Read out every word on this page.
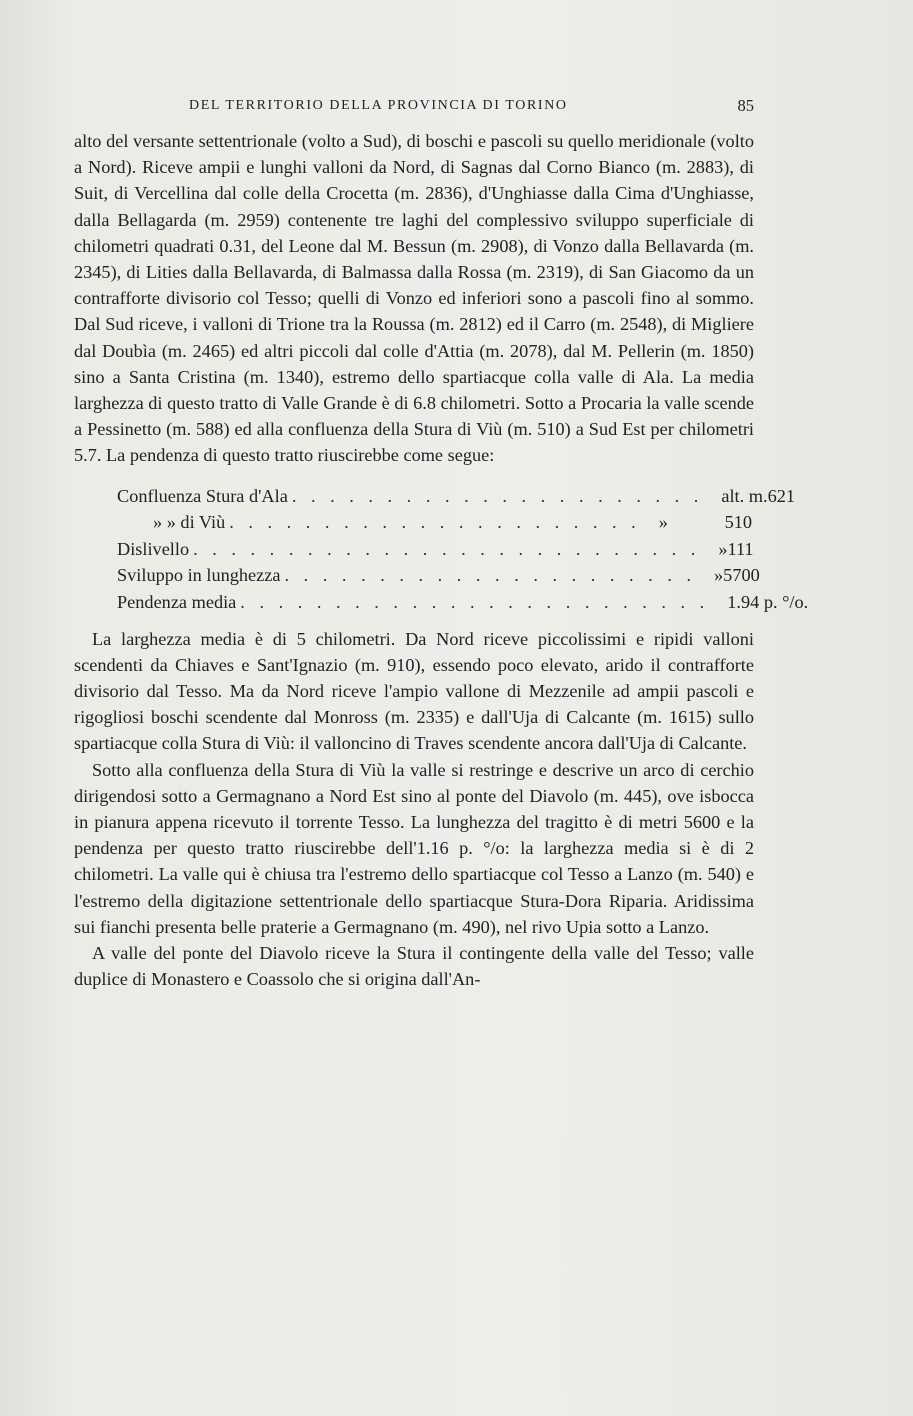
DEL TERRITORIO DELLA PROVINCIA DI TORINO	85

alto del versante settentrionale (volto a Sud), di boschi e pascoli su quello meridionale (volto a Nord). Riceve ampii e lunghi valloni da Nord, di Sagnas dal Corno Bianco (m. 2883), di Suit, di Vercellina dal colle della Crocetta (m. 2836), d'Unghiasse dalla Cima d'Unghiasse, dalla Bellagarda (m. 2959) contenente tre laghi del complessivo sviluppo superficiale di chilometri quadrati 0.31, del Leone dal M. Bessun (m. 2908), di Vonzo dalla Bellavarda (m. 2345), di Lities dalla Bellavarda, di Balmassa dalla Rossa (m. 2319), di San Giacomo da un contrafforte divisorio col Tesso; quelli di Vonzo ed inferiori sono a pascoli fino al sommo. Dal Sud riceve, i valloni di Trione tra la Roussa (m. 2812) ed il Carro (m. 2548), di Migliere dal Doubìa (m. 2465) ed altri piccoli dal colle d'Attia (m. 2078), dal M. Pellerin (m. 1850) sino a Santa Cristina (m. 1340), estremo dello spartiacque colla valle di Ala. La media larghezza di questo tratto di Valle Grande è di 6.8 chilometri. Sotto a Procaria la valle scende a Pessinetto (m. 588) ed alla confluenza della Stura di Viù (m. 510) a Sud Est per chilometri 5.7. La pendenza di questo tratto riuscirebbe come segue:

Confluenza Stura d'Ala . . . . . . . . . . . . . . . . . . . . . . alt. m. 621
» » di Viù . . . . . . . . . . . . . . . . . . . . . . »	510
Dislivello . . . . . . . . . . . . . . . . . . . . . . . . . . . » 111
Sviluppo in lunghezza . . . . . . . . . . . . . . . . . . . . . . » 5700
Pendenza media . . . . . . . . . . . . . . . . . . . . . . . . . 1.94 p. °/o.

La larghezza media è di 5 chilometri. Da Nord riceve piccolissimi e ripidi valloni scendenti da Chiaves e Sant'Ignazio (m. 910), essendo poco elevato, arido il contrafforte divisorio dal Tesso. Ma da Nord riceve l'ampio vallone di Mezzenile ad ampii pascoli e rigogliosi boschi scendente dal Monross (m. 2335) e dall'Uja di Calcante (m. 1615) sullo spartiacque colla Stura di Viù: il valloncino di Traves scendente ancora dall'Uja di Calcante.

Sotto alla confluenza della Stura di Viù la valle si restringe e descrive un arco di cerchio dirigendosi sotto a Germagnano a Nord Est sino al ponte del Diavolo (m. 445), ove isbocca in pianura appena ricevuto il torrente Tesso. La lunghezza del tragitto è di metri 5600 e la pendenza per questo tratto riuscirebbe dell'1.16 p. °/o: la larghezza media si è di 2 chilometri. La valle qui è chiusa tra l'estremo dello spartiacque col Tesso a Lanzo (m. 540) e l'estremo della digitazione settentrionale dello spartiacque Stura-Dora Riparia. Aridissima sui fianchi presenta belle praterie a Germagnano (m. 490), nel rivo Upia sotto a Lanzo.

A valle del ponte del Diavolo riceve la Stura il contingente della valle del Tesso; valle duplice di Monastero e Coassolo che si origina dall'An-
